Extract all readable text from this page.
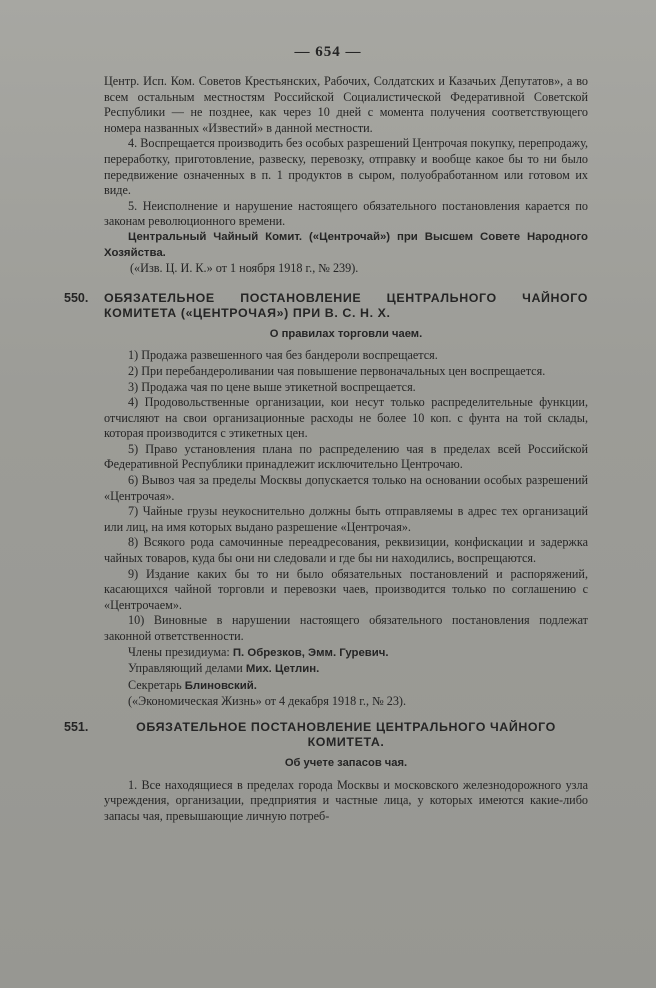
— 654 —

Центр. Исп. Ком. Советов Крестьянских, Рабочих, Солдатских и Казачьих Депутатов», а во всем остальным местностям Российской Социалистической Федеративной Советской Республики — не позднее, как через 10 дней с момента получения соответствующего номера названных «Известий» в данной местности.

4. Воспрещается производить без особых разрешений Центрочая покупку, перепродажу, переработку, приготовление, развеску, перевозку, отправку и вообще какое бы то ни было передвижение означенных в п. 1 продуктов в сыром, полуобработанном или готовом их виде.

5. Неисполнение и нарушение настоящего обязательного постановления карается по законам революционного времени.

Центральный Чайный Комит. («Центрочай») при Высшем Совете Народного Хозяйства.

(«Изв. Ц. И. К.» от 1 ноября 1918 г., № 239).

550. ОБЯЗАТЕЛЬНОЕ ПОСТАНОВЛЕНИЕ ЦЕНТРАЛЬНОГО ЧАЙНОГО КОМИТЕТА («ЦЕНТРОЧАЯ») ПРИ В. С. Н. Х.
О правилах торговли чаем.

1) Продажа развешенного чая без бандероли воспрещается.

2) При перебандероливании чая повышение первоначальных цен воспрещается.

3) Продажа чая по цене выше этикетной воспрещается.

4) Продовольственные организации, кои несут только распределительные функции, отчисляют на свои организационные расходы не более 10 коп. с фунта на той склады, которая производится с этикетных цен.

5) Право установления плана по распределению чая в пределах всей Российской Федеративной Республики принадлежит исключительно Центрочаю.

6) Вывоз чая за пределы Москвы допускается только на основании особых разрешений «Центрочая».

7) Чайные грузы неукоснительно должны быть отправляемы в адрес тех организаций или лиц, на имя которых выдано разрешение «Центрочая».

8) Всякого рода самочинные переадресования, реквизиции, конфискации и задержка чайных товаров, куда бы они ни следовали и где бы ни находились, воспрещаются.

9) Издание каких бы то ни было обязательных постановлений и распоряжений, касающихся чайной торговли и перевозки чаев, производится только по соглашению с «Центрочаем».

10) Виновные в нарушении настоящего обязательного постановления подлежат законной ответственности.

Члены президиума: П. Обрезков, Эмм. Гуревич.

Управляющий делами Мих. Цетлин.

Секретарь Блиновский.

(«Экономическая Жизнь» от 4 декабря 1918 г., № 23).

551.	ОБЯЗАТЕЛЬНОЕ ПОСТАНОВЛЕНИЕ ЦЕНТРАЛЬНОГО ЧАЙНОГО КОМИТЕТА.
Об учете запасов чая.

1. Все находящиеся в пределах города Москвы и московского железнодорожного узла учреждения, организации, предприятия и частные лица, у которых имеются какие-либо запасы чая, превышающие личную потреб-
